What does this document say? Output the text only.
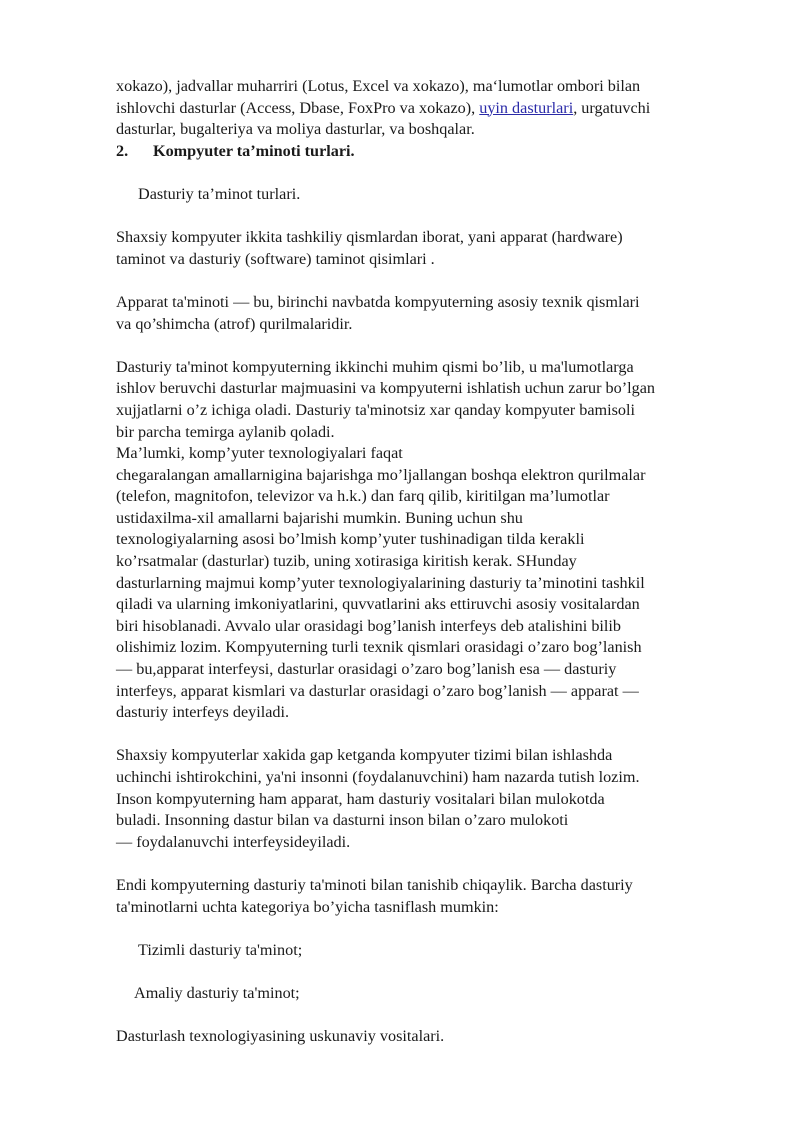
xokazo), jadvallar muharriri (Lotus, Excel va xokazo), ma‘lumotlar ombori bilan
ishlovchi dasturlar (Access, Dbase, FoxPro va xokazo), uyin dasturlari, urgatuvchi
dasturlar, bugalteriya va moliya dasturlar, va boshqalar.
2.	Kompyuter ta’minoti turlari.
Dasturiy ta’minot turlari.
Shaxsiy kompyuter ikkita tashkiliy qismlardan iborat, yani apparat (hardware)
taminot va dasturiy (software) taminot qisimlari .
Apparat ta'minoti — bu, birinchi navbatda kompyuterning asosiy texnik qismlari
va qo’shimcha (atrof) qurilmalaridir.
Dasturiy ta'minot kompyuterning ikkinchi muhim qismi bo’lib, u ma'lumotlarga
ishlov beruvchi dasturlar majmuasini va kompyuterni ishlatish uchun zarur bo’lgan
xujjatlarni o’z ichiga oladi. Dasturiy ta'minotsiz xar qanday kompyuter bamisoli
bir parcha temirga aylanib qoladi.
Ma’lumki, komp’yuter texnologiyalari faqat
chegaralangan amallarnigina bajarishga mo’ljallangan boshqa elektron qurilmalar
(telefon, magnitofon, televizor va h.k.) dan farq qilib, kiritilgan ma’lumotlar
ustidaxilma-xil amallarni bajarishi mumkin. Buning uchun shu
texnologiyalarning asosi bo’lmish komp’yuter tushinadigan tilda kerakli
ko’rsatmalar (dasturlar) tuzib, uning xotirasiga kiritish kerak. SHunday
dasturlarning majmui komp’yuter texnologiyalarining dasturiy ta’minotini tashkil
qiladi va ularning imkoniyatlarini, quvvatlarini aks ettiruvchi asosiy vositalardan
biri hisoblanadi. Avvalo ular orasidagi bog’lanish interfeys deb atalishini bilib
olishimiz lozim. Kompyuterning turli texnik qismlari orasidagi o’zaro bog’lanish
— bu,apparat interfeysi, dasturlar orasidagi o’zaro bog’lanish esa — dasturiy
interfeys, apparat kismlari va dasturlar orasidagi o’zaro bog’lanish — apparat —
dasturiy interfeys deyiladi.
Shaxsiy kompyuterlar xakida gap ketganda kompyuter tizimi bilan ishlashda
uchinchi ishtirokchini, ya'ni insonni (foydalanuvchini) ham nazarda tutish lozim.
Inson kompyuterning ham apparat, ham dasturiy vositalari bilan mulokotda
buladi. Insonning dastur bilan va dasturni inson bilan o’zaro mulokoti
— foydalanuvchi interfeysideyiladi.
Endi kompyuterning dasturiy ta'minoti bilan tanishib chiqaylik. Barcha dasturiy
ta'minotlarni uchta kategoriya bo’yicha tasniflash mumkin:
Tizimli dasturiy ta'minot;
Amaliy dasturiy ta'minot;
Dasturlash texnologiyasining uskunaviy vositalari.
